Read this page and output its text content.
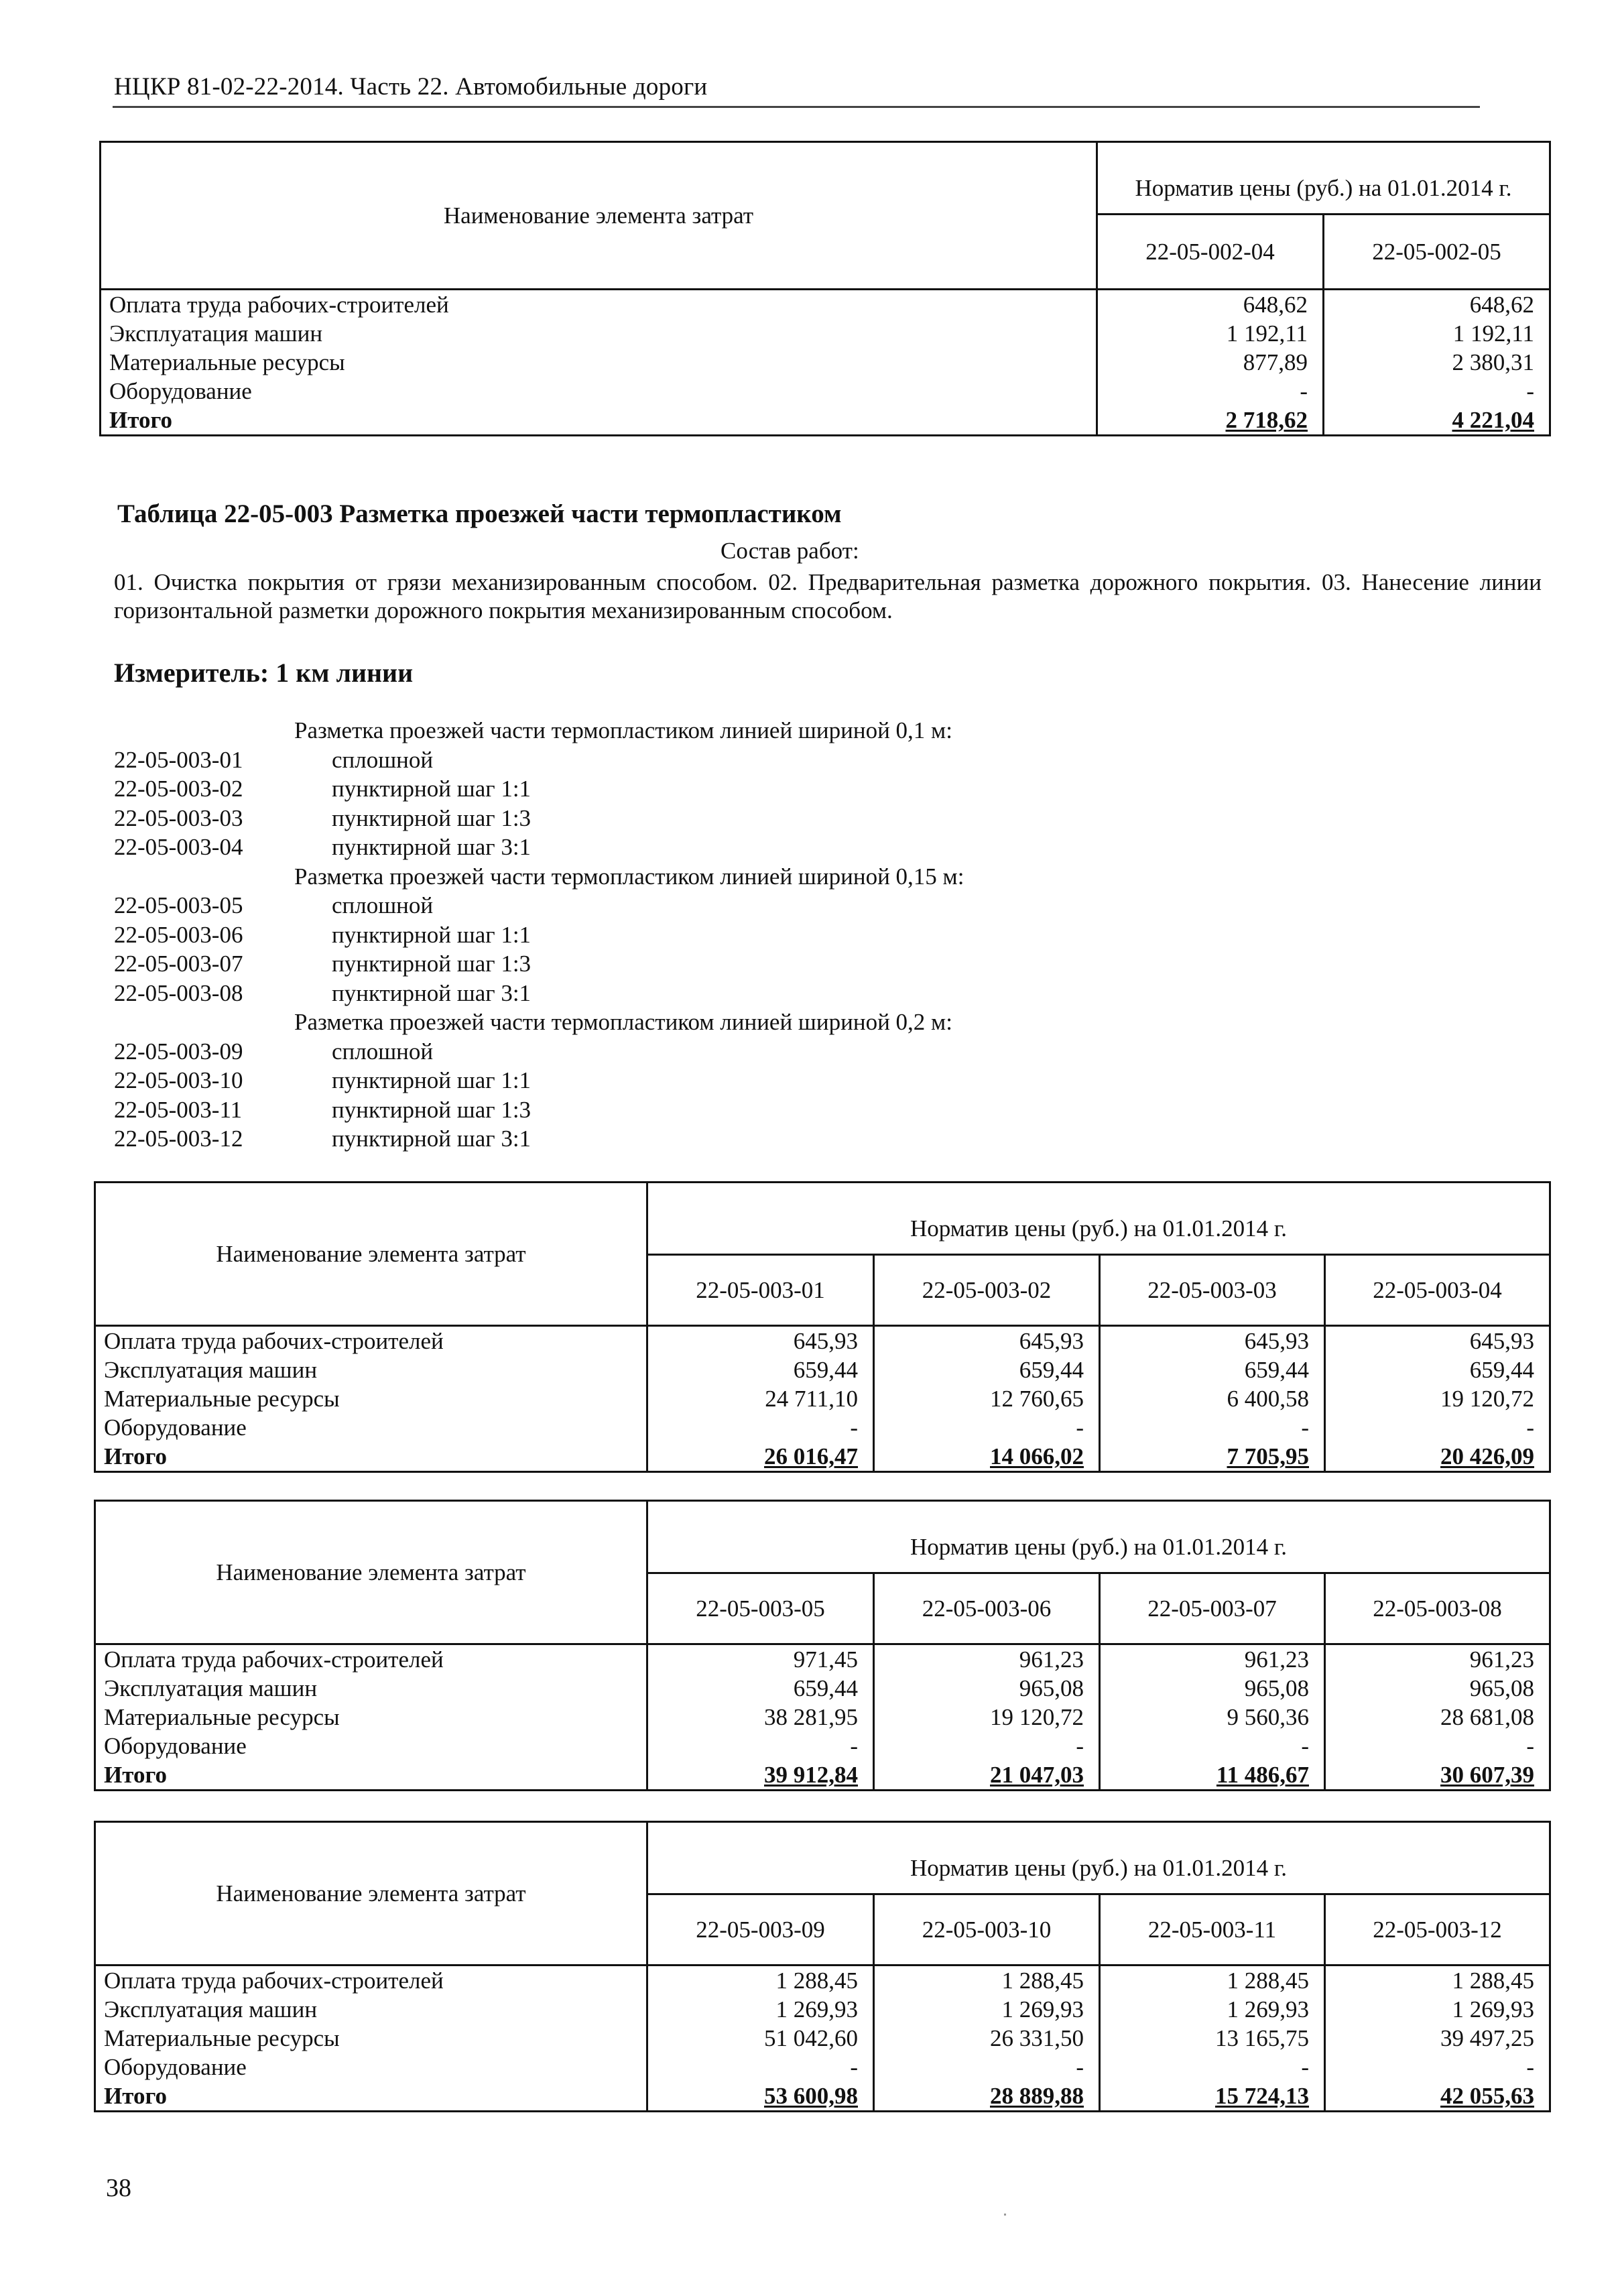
НЦКР 81-02-22-2014. Часть 22. Автомобильные дороги
Наименование элемента затрат	Норматив цены (руб.) на 01.01.2014 г.	
	22-05-002-04	22-05-002-05
Оплата труда рабочих-строителей	648,62	648,62
Эксплуатация машин	1 192,11	1 192,11
Материальные ресурсы	877,89	2 380,31
Оборудование	-	-
Итого	2 718,62	4 221,04
Таблица 22-05-003 Разметка проезжей части термопластиком
Состав работ:
01. Очистка покрытия от грязи механизированным способом. 02. Предварительная разметка дорожного покрытия. 03. Нанесение линии горизонтальной разметки дорожного покрытия механизированным способом.
Измеритель: 1 км линии
Разметка проезжей части термопластиком линией шириной 0,1 м:
22-05-003-01	сплошной
22-05-003-02	пунктирной шаг 1:1
22-05-003-03	пунктирной шаг 1:3
22-05-003-04	пунктирной шаг 3:1
Разметка проезжей части термопластиком линией шириной 0,15 м:
22-05-003-05	сплошной
22-05-003-06	пунктирной шаг 1:1
22-05-003-07	пунктирной шаг 1:3
22-05-003-08	пунктирной шаг 3:1
Разметка проезжей части термопластиком линией шириной 0,2 м:
22-05-003-09	сплошной
22-05-003-10	пунктирной шаг 1:1
22-05-003-11	пунктирной шаг 1:3
22-05-003-12	пунктирной шаг 3:1
Наименование элемента затрат	Норматив цены (руб.) на 01.01.2014 г.			
	22-05-003-01	22-05-003-02	22-05-003-03	22-05-003-04
Оплата труда рабочих-строителей	645,93	645,93	645,93	645,93
Эксплуатация машин	659,44	659,44	659,44	659,44
Материальные ресурсы	24 711,10	12 760,65	6 400,58	19 120,72
Оборудование	-	-	-	-
Итого	26 016,47	14 066,02	7 705,95	20 426,09
Наименование элемента затрат	Норматив цены (руб.) на 01.01.2014 г.			
	22-05-003-05	22-05-003-06	22-05-003-07	22-05-003-08
Оплата труда рабочих-строителей	971,45	961,23	961,23	961,23
Эксплуатация машин	659,44	965,08	965,08	965,08
Материальные ресурсы	38 281,95	19 120,72	9 560,36	28 681,08
Оборудование	-	-	-	-
Итого	39 912,84	21 047,03	11 486,67	30 607,39
Наименование элемента затрат	Норматив цены (руб.) на 01.01.2014 г.			
	22-05-003-09	22-05-003-10	22-05-003-11	22-05-003-12
Оплата труда рабочих-строителей	1 288,45	1 288,45	1 288,45	1 288,45
Эксплуатация машин	1 269,93	1 269,93	1 269,93	1 269,93
Материальные ресурсы	51 042,60	26 331,50	13 165,75	39 497,25
Оборудование	-	-	-	-
Итого	53 600,98	28 889,88	15 724,13	42 055,63
38
